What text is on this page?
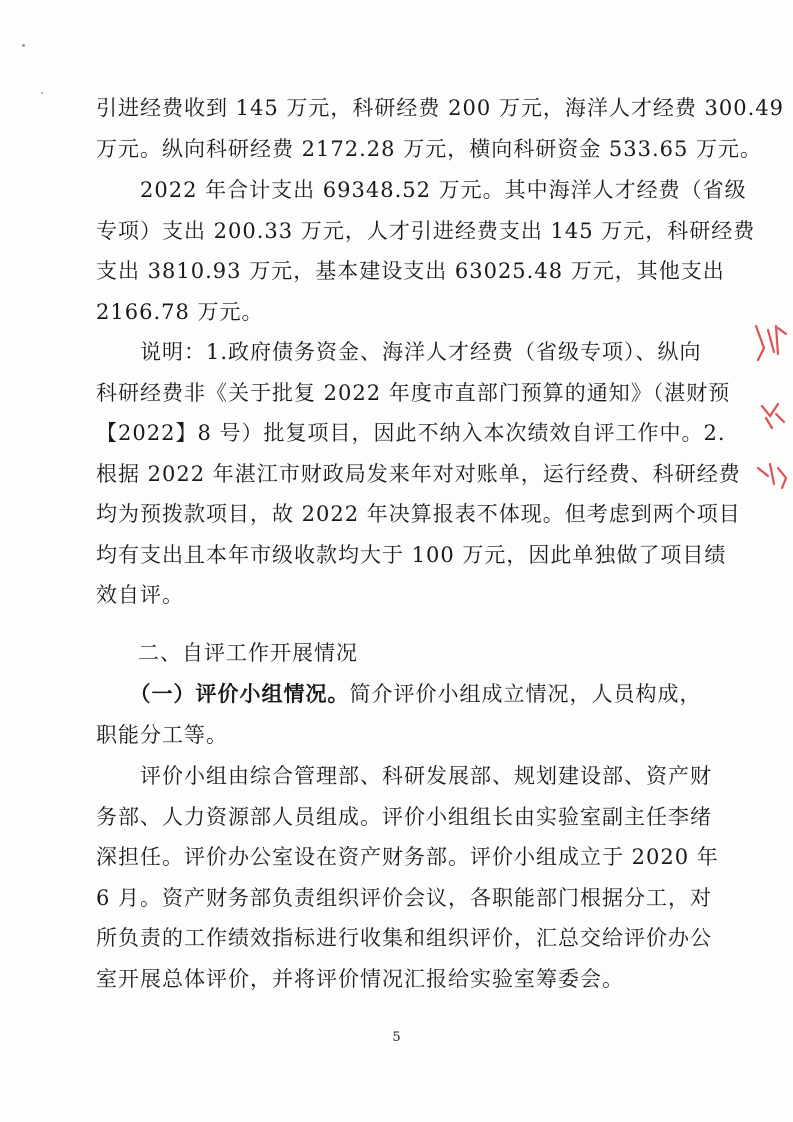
引进经费收到 145 万元，科研经费 200 万元，海洋人才经费 300.49
万元。纵向科研经费 2172.28 万元，横向科研资金 533.65 万元。

　　2022 年合计支出 69348.52 万元。其中海洋人才经费（省级
专项）支出 200.33 万元，人才引进经费支出 145 万元，科研经费
支出 3810.93 万元，基本建设支出 63025.48 万元，其他支出
2166.78 万元。

　　说明：1.政府债务资金、海洋人才经费（省级专项）、纵向
科研经费非《关于批复 2022 年度市直部门预算的通知》（湛财预
【2022】8 号）批复项目，因此不纳入本次绩效自评工作中。2.
根据 2022 年湛江市财政局发来年对对账单，运行经费、科研经费
均为预拨款项目，故 2022 年决算报表不体现。但考虑到两个项目
均有支出且本年市级收款均大于 100 万元，因此单独做了项目绩
效自评。

二、自评工作开展情况

　　（一）评价小组情况。简介评价小组成立情况，人员构成，
职能分工等。

　　评价小组由综合管理部、科研发展部、规划建设部、资产财
务部、人力资源部人员组成。评价小组组长由实验室副主任李绪
深担任。评价办公室设在资产财务部。评价小组成立于 2020 年
6 月。资产财务部负责组织评价会议，各职能部门根据分工，对
所负责的工作绩效指标进行收集和组织评价，汇总交给评价办公
室开展总体评价，并将评价情况汇报给实验室筹委会。

5
